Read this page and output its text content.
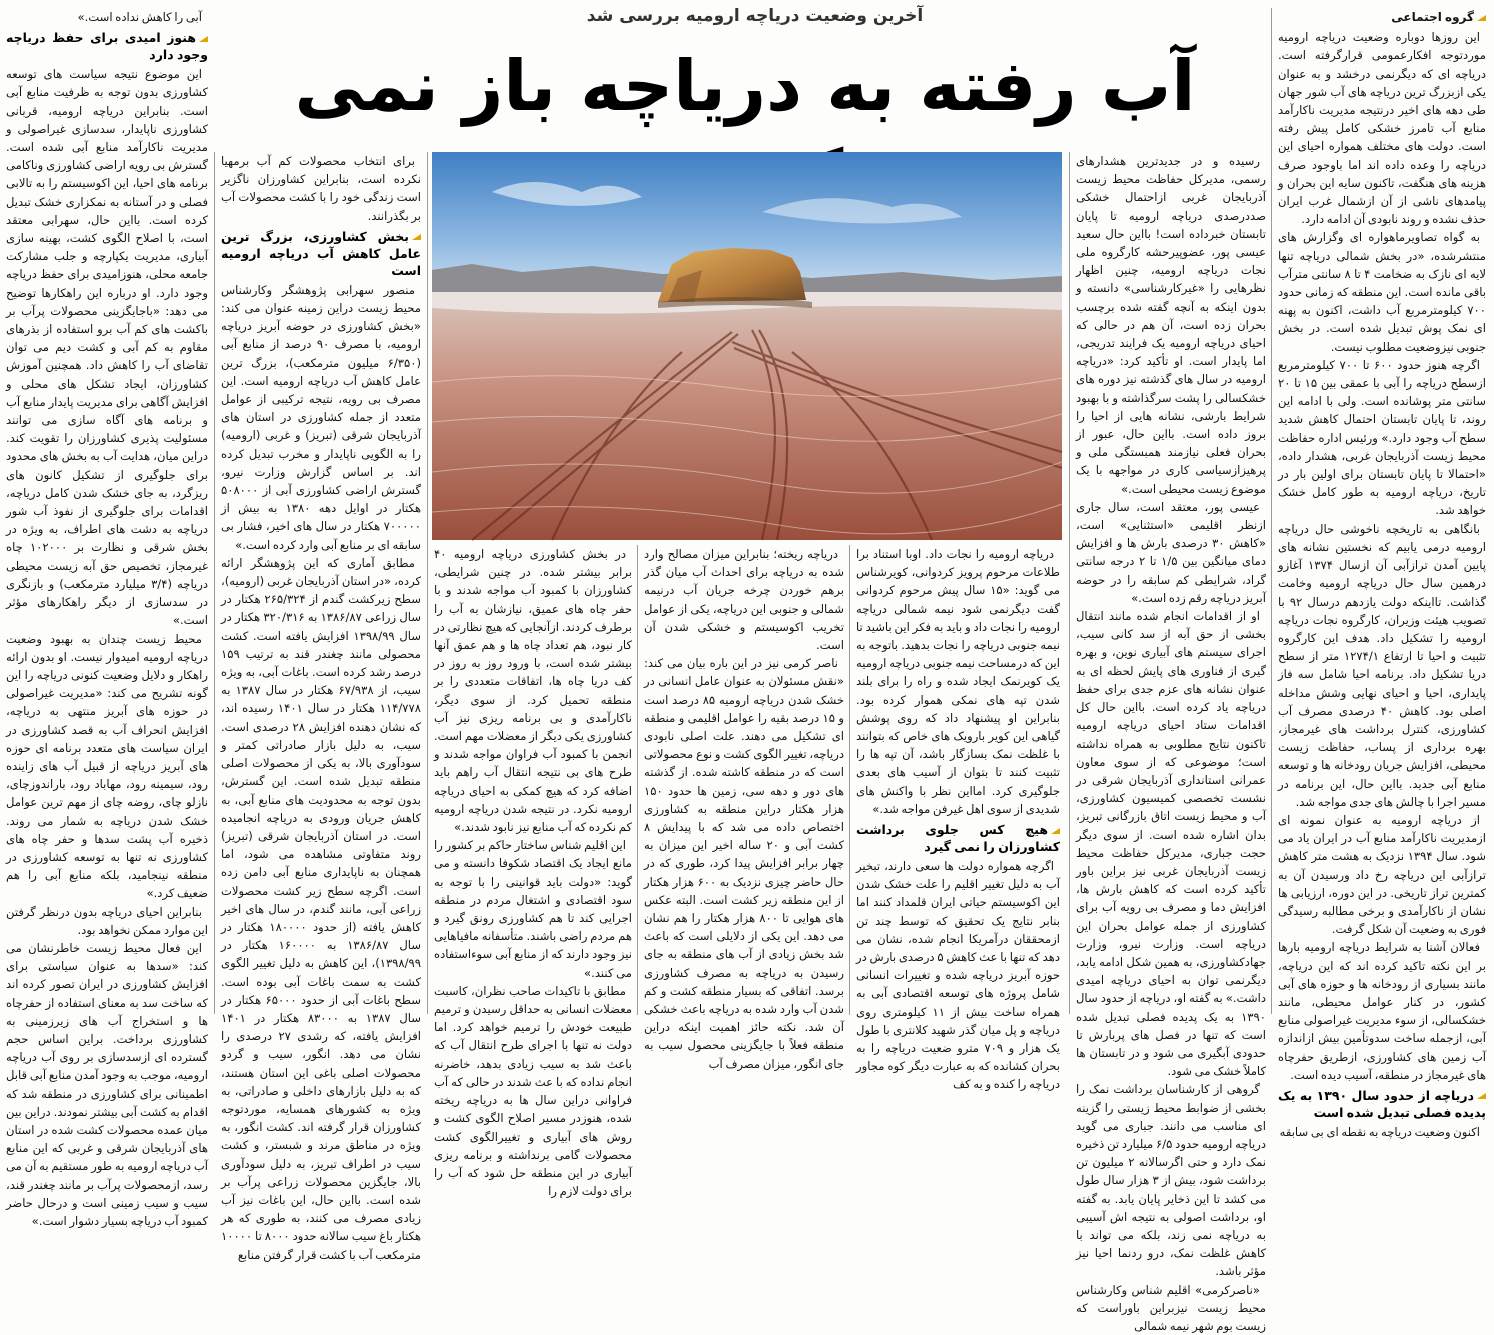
آخرین وضعیت دریاچه ارومیه بررسی شد
آب رفته به دریاچه باز نمی
گروه اجتماعی

این روزها دوباره وضعیت دریاچه ارومیه موردتوجه افکارعمومی قرارگرفته است. دریاچه ای که دیگرنمی درخشد و به عنوان یکی ازبزرگ ترین دریاچه های آب شور جهان طی دهه های اخیر درنتیجه مدیریت ناکارآمد منابع آب تامرز خشکی کامل پیش رفته است. دولت های مختلف همواره احیای این دریاچه را وعده داده اند اما باوجود صرف هزینه های هنگفت، تاکنون سایه این بحران و پیامدهای ناشی از آن ازشمال غرب ایران حذف نشده و روند نابودی آن ادامه دارد.

به گواه تصاویرماهواره ای وگزارش های منتشرشده، «در بخش شمالی دریاچه تنها لایه ای نازک به ضخامت ۴ تا ۸ سانتی مترآب باقی مانده است. این منطقه که زمانی حدود ۷۰۰ کیلومترمربع آب داشت، اکنون به پهنه ای نمک پوش تبدیل شده است. در بخش جنوبی نیزوضعیت مطلوب نیست.

اگرچه هنوز حدود ۶۰۰ تا ۷۰۰ کیلومترمربع ازسطح دریاچه را آبی با عمقی بین ۱۵ تا ۲۰ سانتی متر پوشانده است. ولی با ادامه این روند، تا پایان تابستان احتمال کاهش شدید سطح آب وجود دارد.» ورئیس اداره حفاظت محیط زیست آذربایجان غربی، هشدار داده، «احتمالا تا پایان تابستان برای اولین بار در تاریخ، دریاچه ارومیه به طور کامل خشک خواهد شد.

بانگاهی به تاریخچه ناخوشی حال دریاچه ارومیه درمی یابیم که نخستین نشانه های پایین آمدن ترازآبی آن ازسال ۱۳۷۴ آغازو درهمین سال حال دریاچه ارومیه وخامت گذاشت. تااینکه دولت یازدهم درسال ۹۲ با تصویب هیئت وزیران، کارگروه نجات دریاچه ارومیه را تشکیل داد. هدف این کارگروه تثبیت و احیا تا ارتفاع ۱۲۷۴/۱ متر از سطح دریا تشکیل داد. برنامه احیا شامل سه فاز پایداری، احیا و احیای نهایی وشش مداخله اصلی بود. کاهش ۴۰ درصدی مصرف آب کشاورزی، کنترل برداشت های غیرمجاز، بهره برداری از پساب، حفاظت زیست محیطی، افزایش جریان رودخانه ها و توسعه منابع آبی جدید. بااین حال، این برنامه در مسیر اجرا با چالش های جدی مواجه شد.

از دریاچه ارومیه به عنوان نمونه ای ازمدیریت ناکارآمد منابع آب در ایران یاد می شود. سال ۱۳۹۴ نزدیک به هشت متر کاهش ترازآبی این دریاچه رخ داد ورسیدن آن به کمترین تراز تاریخی. در این دوره، ارزیابی ها نشان از ناکارآمدی و برخی مطالبه رسیدگی فوری به وضعیت آن شکل گرفت.

فعالان آشنا به شرایط دریاچه ارومیه بارها بر این نکته تاکید کرده اند که این دریاچه، مانند بسیاری از رودخانه ها و حوزه های آبی کشور، در کنار عوامل محیطی، مانند خشکسالی، از سوء مدیریت غیراصولی منابع آبی، ازجمله ساخت سدوتأمین بیش ازاندازه آب زمین های کشاورزی، ازطریق حفرچاه های غیرمجاز در منطقه، آسیب دیده است.

دریاچه از حدود سال ۱۳۹۰ به یک پدیده فصلی تبدیل شده است

اکنون وضعیت دریاچه به نقطه ای بی سابقه

رسیده و در جدیدترین هشدارهای رسمی، مدیرکل حفاظت محیط زیست آذربایجان غربی ازاحتمال خشکی صددرصدی دریاچه ارومیه تا پایان تابستان خبرداده است! بااین حال سعید عیسی پور، عضوپیرحشه کارگروه ملی نجات دریاچه ارومیه، چنین اظهار نظرهایی را «غیرکارشناسی» دانسته و بدون اینکه به آنچه گفته شده برچسب بحران زده است، آن هم در حالی که احیای دریاچه ارومیه یک فرایند تدریجی، اما پایدار است. او تأکید کرد: «دریاچه ارومیه در سال های گذشته نیز دوره های خشکسالی را پشت سرگذاشته و با بهبود شرایط بارشی، نشانه هایی از احیا را بروز داده است. بااین حال، عبور از بحران فعلی نیازمند همبستگی ملی و پرهیزازسیاسی کاری در مواجهه با یک موضوع زیست محیطی است.»

عیسی پور، معتقد است، سال جاری ازنظر اقلیمی «استثنایی» است، «کاهش ۳۰ درصدی بارش ها و افزایش دمای میانگین بین ۱/۵ تا ۲ درجه سانتی گراد، شرایطی کم سابقه را در حوضه آبریز دریاچه رقم زده است.»

او از اقدامات انجام شده مانند انتقال بخشی از حق آبه از سد کانی سیب، اجرای سیستم های آبیاری نوین، و بهره گیری از فناوری های پایش لحظه ای به عنوان نشانه های عزم جدی برای حفظ دریاچه یاد کرده است. بااین حال کل اقدامات ستاد احیای دریاچه ارومیه تاکنون نتایج مطلوبی به همراه نداشته است؛ موضوعی که از سوی معاون عمرانی استانداری آذربایجان شرقی در نشست تخصصی کمیسیون کشاورزی، آب و محیط زیست اتاق بازرگانی تبریز، بدان اشاره شده است. از سوی دیگر حجت جباری، مدیرکل حفاظت محیط زیست آذربایجان غربی نیز براین باور تأکید کرده است که کاهش بارش ها، افزایش دما و مصرف بی رویه آب برای کشاورزی از جمله عوامل بحران این دریاچه است. وزارت نیرو، وزارت جهادکشاورزی، به همین شکل ادامه یابد، دیگرنمی توان به احیای دریاچه امیدی داشت.» به گفته او، دریاچه از حدود سال ۱۳۹۰ به یک پدیده فصلی تبدیل شده است که تنها در فصل های پربارش تا حدودی آبگیری می شود و در تابستان ها کاملاً خشک می شود.

گروهی از کارشناسان برداشت نمک را بخشی از ضوابط محیط زیستی را گزینه ای مناسب می دانند. جباری می گوید دریاچه ارومیه حدود ۶/۵ میلیارد تن ذخیره نمک دارد و حتی اگرسالانه ۲ میلیون تن برداشت شود، بیش از ۳ هزار سال طول می کشد تا این ذخایر پایان یابد. به گفته او، برداشت اصولی به نتیجه اش آسیبی به دریاچه نمی زند، بلکه می تواند با کاهش غلظت نمک، درو ردنما احیا نیز مؤثر باشد.

«ناصرکرمی» اقلیم شناس وکارشناس محیط زیست نیزبراین باوراست که زیست بوم شهر نیمه شمالی

دریاچه ارومیه را نجات داد. اوبا استناد برا طلاعات مرحوم پرویز کردوانی، کویرشناس می گوید: «۱۵ سال پیش مرحوم کردوانی گفت دیگرنمی شود نیمه شمالی دریاچه ارومیه را نجات داد و باید به فکر این باشید تا نیمه جنوبی دریاچه را نجات بدهید. باتوجه به این که درمساحت نیمه جنوبی دریاچه ارومیه یک کویرنمک ایجاد شده و راه را برای بلند شدن تپه های نمکی هموار کرده بود. بنابراین او پیشنهاد داد که روی پوشش گیاهی این کویر بارویک های خاص که بتوانند با غلظت نمک بسازگار باشد، آن تپه ها را تثبیت کنند تا بتوان از آسیب های بعدی جلوگیری کرد. امااین نظر با واکنش های شدیدی از سوی اهل غیرفن مواجه شد.»

هیچ کس جلوی برداشت کشاورزان را نمی گیرد

اگرچه همواره دولت ها سعی دارند، تبخیر آب به دلیل تغییر اقلیم را علت خشک شدن این اکوسیستم حیاتی ایران قلمداد کنند اما بنابر نتایج یک تحقیق که توسط چند تن ازمحققان درآمریکا انجام شده، نشان می دهد که تنها با عث کاهش ۵ درصدی بارش در حوزه آبریز دریاچه شده و تغییرات انسانی شامل پروژه های توسعه اقتصادی آبی به همراه ساخت بیش از ۱۱ کیلومتری روی دریاچه و پل میان گذر شهید کلانتری با طول یک هزار و ۷۰۹ مترو ضعیت دریاچه را به بحران کشانده که به عبارت دیگر کوه مجاور دریاچه را کنده و به کف

دریاچه ریخته؛ بنابراین میزان مصالح وارد شده به دریاچه برای احداث آب میان گذر برهم خوردن چرخه جریان آب درنیمه شمالی و جنوبی این دریاچه، یکی از عوامل تخریب اکوسیستم و خشکی شدن آن است.

ناصر کرمی نیز در این باره بیان می کند: «نقش مسئولان به عنوان عامل انسانی در خشک شدن دریاچه ارومیه ۸۵ درصد است و ۱۵ درصد بقیه را عوامل اقلیمی و منطقه ای تشکیل می دهند. علت اصلی نابودی دریاچه، تغییر الگوی کشت و نوع محصولاتی است که در منطقه کاشته شده. از گذشته های دور و دهه سی، زمین ها حدود ۱۵۰ هزار هکتار دراین منطقه به کشاورزی اختصاص داده می شد که با پیدایش ۸ کشت آبی و ۲۰ ساله اخیر این میزان به چهار برابر افزایش پیدا کرد، طوری که در حال حاضر چیزی نزدیک به ۶۰۰ هزار هکتار از این منطقه زیر کشت است. البته عکس های هوایی تا ۸۰۰ هزار هکتار را هم نشان می دهد. این یکی از دلایلی است که باعث شد بخش زیادی از آب های منطقه به جای رسیدن به دریاچه به مصرف کشاورزی برسد. اتفاقی که بسیار منطقه کشت و کم شدن آب وارد شده به دریاچه باعث خشکی آن شد. نکته حائز اهمیت اینکه دراین منطقه فعلاً با جایگزینی محصول سیب به جای انگور، میزان مصرف آب

در بخش کشاورزی دریاچه ارومیه ۴۰ برابر بیشتر شده. در چنین شرایطی، کشاورزان با کمبود آب مواجه شدند و با حفر چاه های عمیق، نیازشان به آب را برطرف کردند. ازآنجایی که هیچ نظارتی در کار نبود، هم تعداد چاه ها و هم عمق آنها بیشتر شده است، با ورود روز به روز در کف دریا چاه ها، اتفاقات متعددی را بر منطقه تحمیل کرد. از سوی دیگر، ناکارآمدی و بی برنامه ریزی نیز آب کشاورزی یکی دیگر از معضلات مهم است. انجمن با کمبود آب فراوان مواجه شدند و طرح های بی نتیجه انتقال آب راهم باید اضافه کرد که هیچ کمکی به احیای دریاچه ارومیه نکرد. در نتیجه شدن دریاچه ارومیه کم نکرده که آب منابع نیز نابود شدند.»

این اقلیم شناس ساختار حاکم بر کشور را مانع ایجاد یک اقتصاد شکوفا دانسته و می گوید: «دولت باید قوانینی را با توجه به سود اقتصادی و اشتغال مردم در منطقه اجرایی کند تا هم کشاورزی رونق گیرد و هم مردم راضی باشند. متأسفانه مافیاهایی نیز وجود دارند که از منابع آبی سوءاستفاده می کنند.»

مطابق با تاکیدات صاحب نظران، کاسبت معضلات انسانی به حداقل رسیدن و ترمیم طبیعت خودش را ترمیم خواهد کرد. اما دولت نه تنها با اجرای طرح انتقال آب که باعث شد به سیب زیادی بدهد، خاضرنه انجام نداده که با عث شدند در حالی که آب فراوانی دراین سال ها به دریاچه ریخته شده، هنوزدر مسیر اصلاح الگوی کشت و روش های آبیاری و تغییرالگوی کشت محصولات گامی برنداشته و برنامه ریزی آبیاری در این منطقه حل شود که آب را برای دولت لازم را

برای انتخاب محصولات کم آب برمهیا نکرده است، بنابراین کشاورزان ناگزیر است زندگی خود را با کشت محصولات آب بر بگذرانند.

بخش کشاورزی، بزرگ ترین عامل کاهش آب دریاچه ارومیه است

منصور سهرابی پژوهشگر وکارشناس محیط زیست دراین زمینه عنوان می کند: «بخش کشاورزی در حوضه آبریز دریاچه ارومیه، با مصرف ۹۰ درصد از منابع آبی (۶/۳۵۰ میلیون مترمکعب)، بزرگ ترین عامل کاهش آب دریاچه ارومیه است. این مصرف بی رویه، نتیجه ترکیبی از عوامل متعدد از جمله کشاورزی در استان های آذربایجان شرقی (تبریز) و غربی (ارومیه) را به الگویی ناپایدار و مخرب تبدیل کرده اند. بر اساس گزارش وزارت نیرو، گسترش اراضی کشاورزی آبی از ۵۰۸۰۰۰ هکتار در اوایل دهه ۱۳۸۰ به بیش از ۷۰۰۰۰۰ هکتار در سال های اخیر، فشار بی سابقه ای بر منابع آبی وارد کرده است.»

مطابق آماری که این پژوهشگر ارائه کرده، «در استان آذربایجان غربی (ارومیه)، سطح زیرکشت گندم از ۲۶۵/۳۲۴ هکتار در سال زراعی ۱۳۸۶/۸۷ به ۳۲۰/۳۱۶ هکتار در سال ۱۳۹۸/۹۹ افزایش یافته است. کشت محصولی مانند چغندر قند به ترتیب ۱۵۹ درصد رشد کرده است. باغات آبی، به ویژه سیب، از ۶۷/۹۳۸ هکتار در سال ۱۳۸۷ به ۱۱۴/۷۷۸ هکتار در سال ۱۴۰۱ رسیده اند، که نشان دهنده افزایش ۲۸ درصدی است. سیب، به دلیل بازار صادراتی کمتر و سودآوری بالا، به یکی از محصولات اصلی منطقه تبدیل شده است. این گسترش، بدون توجه به محدودیت های منابع آبی، به کاهش جریان ورودی به دریاچه انجامیده است. در استان آذربایجان شرقی (تبریز) روند متفاوتی مشاهده می شود، اما همچنان به ناپایداری منابع آبی دامن زده است. اگرچه سطح زیر کشت محصولات زراعی آبی، مانند گندم، در سال های اخیر کاهش یافته (از حدود ۱۸۰۰۰۰ هکتار در سال ۱۳۸۶/۸۷ به ۱۶۰۰۰۰ هکتار در ۱۳۹۸/۹۹)، این کاهش به دلیل تغییر الگوی کشت به سمت باغات آبی بوده است. سطح باغات آبی از حدود ۶۵۰۰۰ هکتار در سال ۱۳۸۷ به ۸۳۰۰۰ هکتار در ۱۴۰۱ افزایش یافته، که رشدی ۲۷ درصدی را نشان می دهد. انگور، سیب و گردو محصولات اصلی باغی این استان هستند، که به دلیل بازارهای داخلی و صادراتی، به ویژه به کشورهای همسایه، موردتوجه کشاورزان قرار گرفته اند. کشت انگور، به ویژه در مناطق مرند و شبستر، و کشت سیب در اطراف تبریز، به دلیل سودآوری بالا، جایگزین محصولات زراعی پرآب بر شده است. بااین حال، این باغات نیز آب زیادی مصرف می کنند، به طوری که هر هکتار باغ سیب سالانه حدود ۸۰۰۰ تا ۱۰۰۰۰ مترمکعب آب با کشت قرار گرفتن منابع

آبی را کاهش نداده است.»

هنوز امیدی برای حفظ دریاچه وجود دارد

این موضوع نتیجه سیاست های توسعه کشاورزی بدون توجه به ظرفیت منابع آبی است. بنابراین دریاچه ارومیه، قربانی کشاورزی ناپایدار، سدسازی غیراصولی و مدیریت ناکارآمد منابع آبی شده است. گسترش بی رویه اراضی کشاورزی وناکامی برنامه های احیا، این اکوسیستم را به تالابی فصلی و در آستانه به نمکزاری خشک تبدیل کرده است. بااین حال، سهرابی معتقد است، با اصلاح الگوی کشت، بهینه سازی آبیاری، مدیریت یکپارچه و جلب مشارکت جامعه محلی، هنوزامیدی برای حفظ دریاچه وجود دارد. او درباره این راهکارها توضیح می دهد: «باجایگزینی محصولات پرآب بر باکشت های کم آب برو استفاده از بذرهای مقاوم به کم آبی و کشت دیم می توان تقاضای آب را کاهش داد. همچنین آموزش کشاورزان، ایجاد تشکل های محلی و افزایش آگاهی برای مدیریت پایدار منابع آب و برنامه های آگاه سازی می توانند مسئولیت پذیری کشاورزان را تقویت کند. دراین میان، هدایت آب به بخش های محدود برای جلوگیری از تشکیل کانون های ریزگرد، به جای خشک شدن کامل دریاچه، اقدامات برای جلوگیری از نفوذ آب شور دریاچه به دشت های اطراف، به ویژه در بخش شرقی و نظارت بر ۱۰۲۰۰۰ چاه غیرمجاز، تخصیص حق آبه زیست محیطی دریاچه (۳/۴ میلیارد مترمکعب) و بازنگری در سدسازی از دیگر راهکارهای مؤثر است.»

محیط زیست چندان به بهبود وضعیت دریاچه ارومیه امیدوار نیست. او بدون ارائه راهکار و دلایل وضعیت کنونی دریاچه را این گونه تشریح می کند: «مدیریت غیراصولی در حوزه های آبریز منتهی به دریاچه، افزایش انحراف آب به قصد کشاورزی در ایران سیاست های متعدد برنامه ای حوزه های آبریز دریاچه از قبیل آب های زاینده رود، سیمینه رود، مهاباد رود، باراندوزچای، نازلو چای، روضه چای از مهم ترین عوامل خشک شدن دریاچه به شمار می روند. ذخیره آب پشت سدها و حفر چاه های کشاورزی نه تنها به توسعه کشاورزی در منطقه نینجامید، بلکه منابع آبی را هم ضعیف کرد.»

بنابراین احیای دریاچه بدون درنظر گرفتن این موارد ممکن نخواهد بود.

این فعال محیط زیست خاطرنشان می کند: «سدها به عنوان سیاستی برای افزایش کشاورزی در ایران تصور کرده اند که ساخت سد به معنای استفاده از حفرچاه ها و استخراج آب های زیرزمینی به کشاورزی برداخت. براین اساس حجم گسترده ای ازسدسازی بر روی آب دریاچه ارومیه، موجب به وجود آمدن منابع آبی قابل اطمینانی برای کشاورزی در منطقه شد که اقدام به کشت آبی بیشتر نمودند. دراین بین میان عمده محصولات کشت شده در استان های آذربایجان شرقی و غربی که این منابع آب دریاچه ارومیه به طور مستقیم به آن می رسد، ازمحصولات پرآب بر مانند چغندر قند، سیب و سیب زمینی است و درحال حاضر کمبود آب دریاچه بسیار دشوار است.»
